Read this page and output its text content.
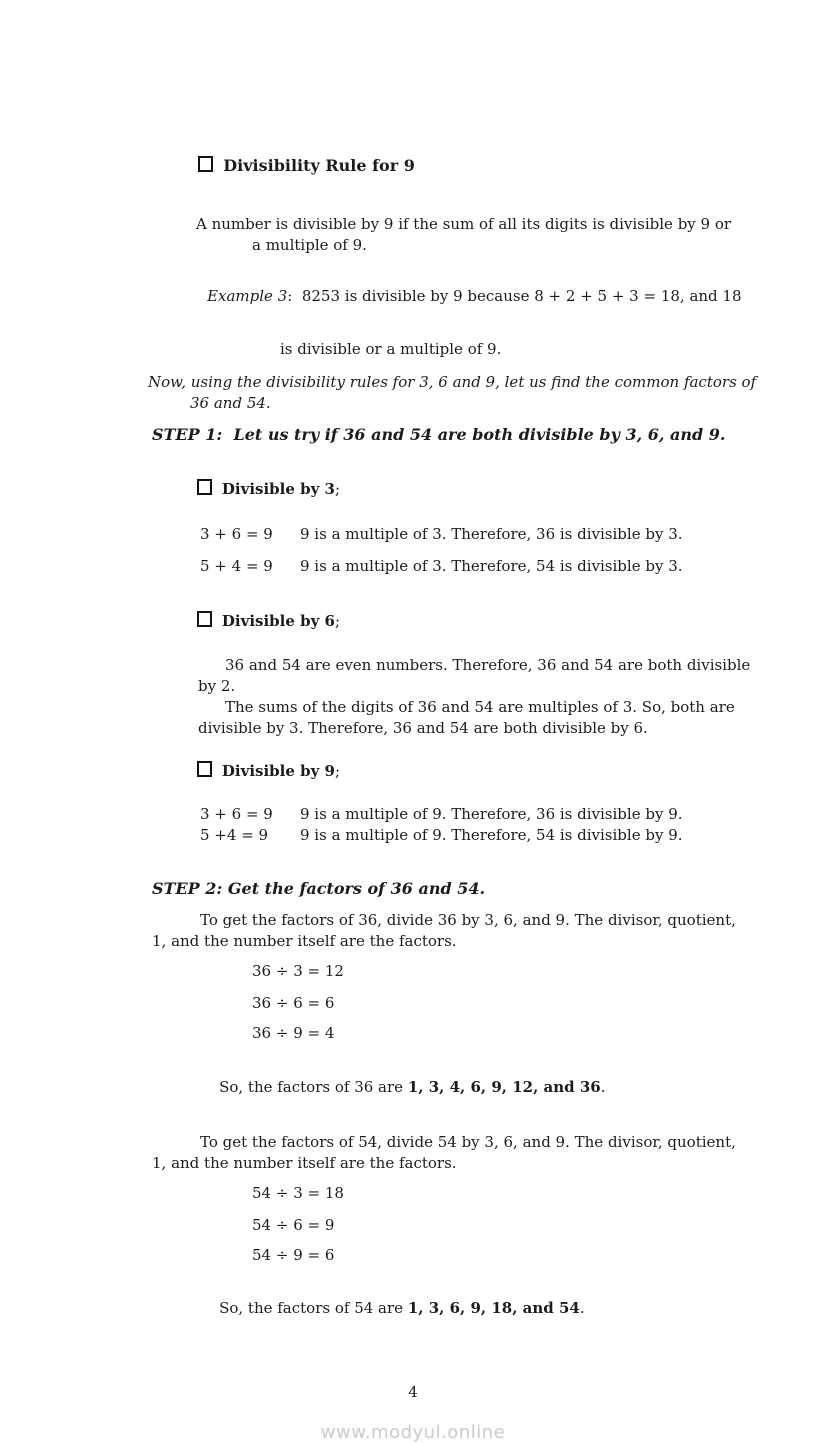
Divisibility Rule for 9

A number is divisible by 9 if the sum of all its digits is divisible by 9 or
a multiple of 9.

Example 3:  8253 is divisible by 9 because 8 + 2 + 5 + 3 = 18, and 18

is divisible or a multiple of 9.
Now, using the divisibility rules for 3, 6 and 9, let us find the common factors of
36 and 54.
STEP 1:  Let us try if 36 and 54 are both divisible by 3, 6, and 9.

Divisible by 3;

3 + 6 = 9	9 is a multiple of 3. Therefore, 36 is divisible by 3.
5 + 4 = 9	9 is a multiple of 3. Therefore, 54 is divisible by 3.

Divisible by 6;

36 and 54 are even numbers. Therefore, 36 and 54 are both divisible
by 2.
The sums of the digits of 36 and 54 are multiples of 3. So, both are
divisible by 3. Therefore, 36 and 54 are both divisible by 6.

Divisible by 9;

3 + 6 = 9	9 is a multiple of 9. Therefore, 36 is divisible by 9.
5 +4 = 9	9 is a multiple of 9. Therefore, 54 is divisible by 9.
STEP 2: Get the factors of 36 and 54.
To get the factors of 36, divide 36 by 3, 6, and 9. The divisor, quotient,
1, and the number itself are the factors.
36 ÷ 3 = 12
36 ÷ 6 = 6
36 ÷ 9 = 4

So, the factors of 36 are 1, 3, 4, 6, 9, 12, and 36.

To get the factors of 54, divide 54 by 3, 6, and 9. The divisor, quotient,
1, and the number itself are the factors.
54 ÷ 3 = 18
54 ÷ 6 = 9
54 ÷ 9 = 6

So, the factors of 54 are 1, 3, 6, 9, 18, and 54.

4
www.modyul.online
